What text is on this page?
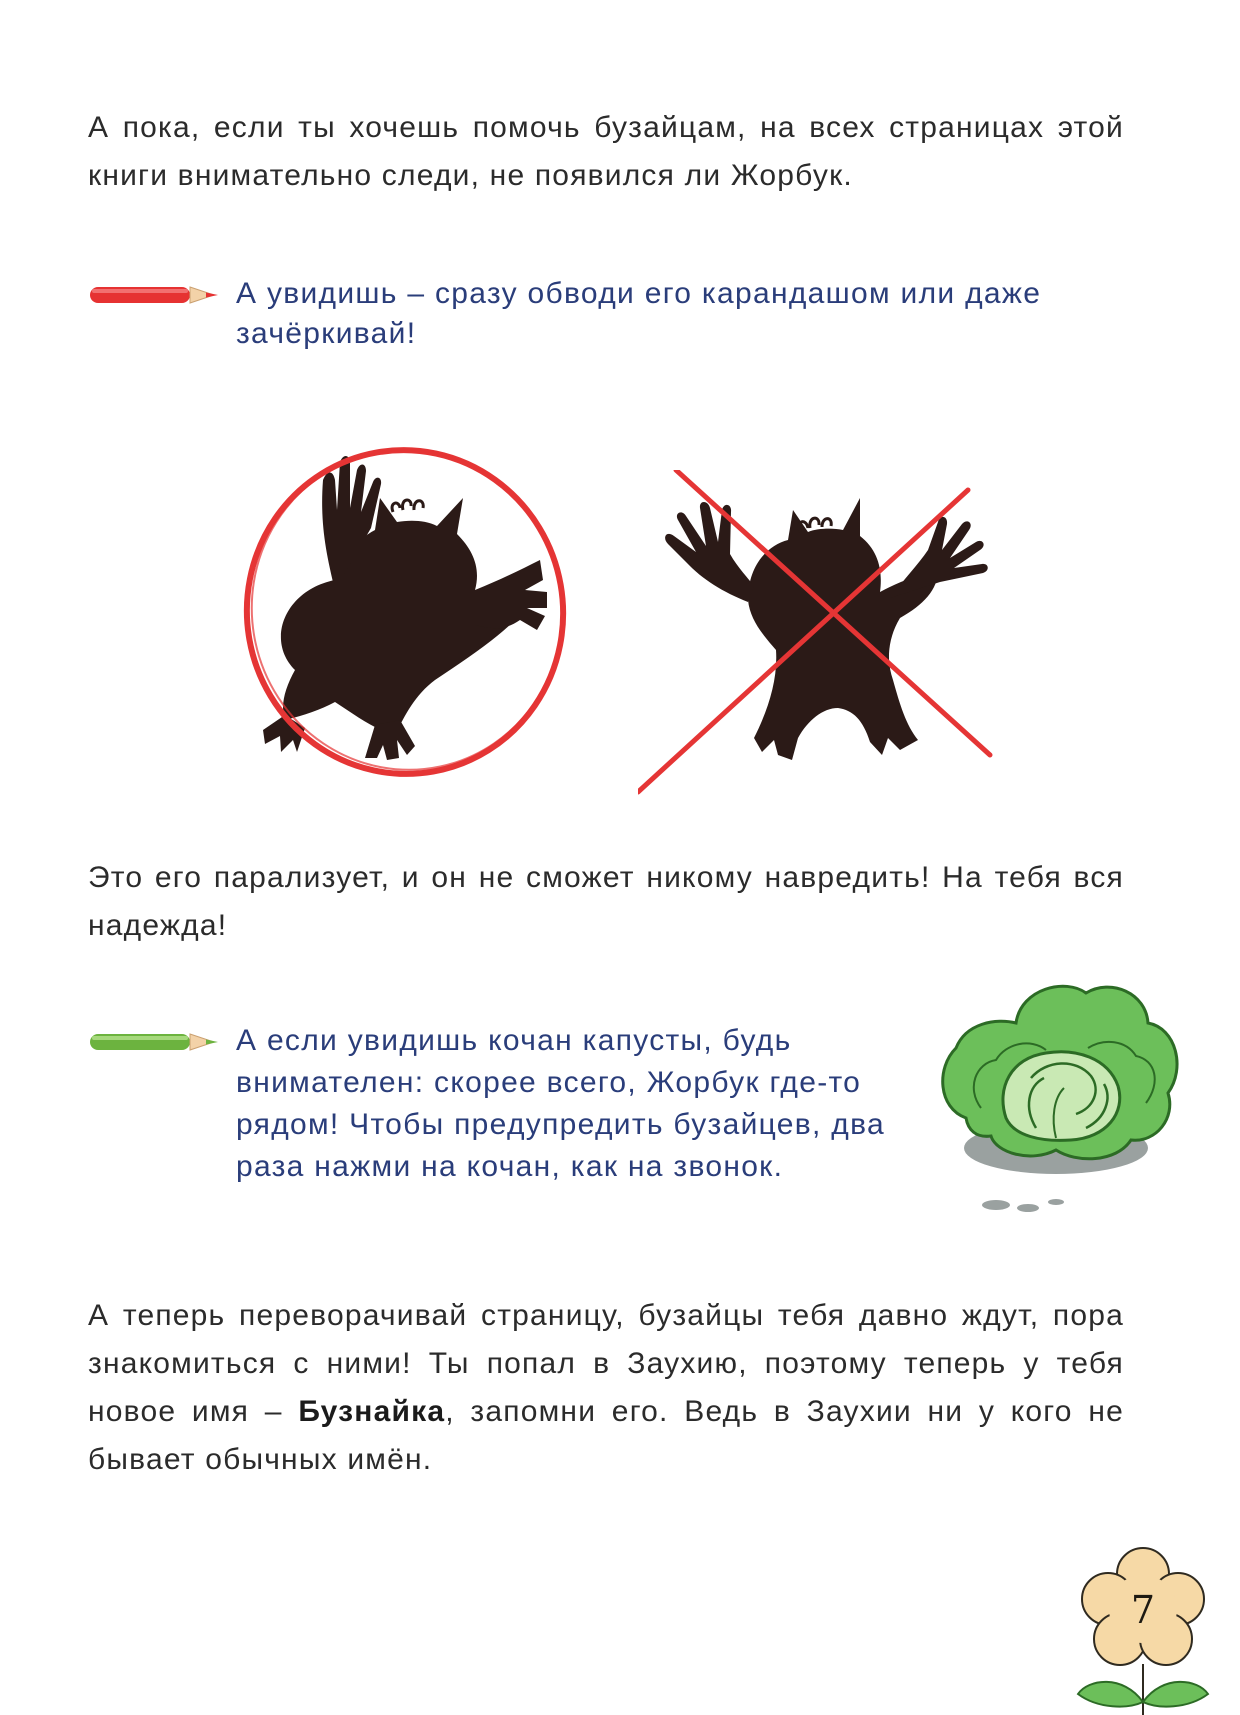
А пока, если ты хочешь помочь бузайцам, на всех страницах этой книги внимательно следи, не появился ли Жорбук.

А увидишь – сразу обводи его карандашом или даже зачёркивай!

Это его парализует, и он не сможет никому навредить! На тебя вся надежда!

А если увидишь кочан капусты, будь внимателен: скорее всего, Жорбук где-то рядом! Чтобы предупредить бузайцев, два раза нажми на кочан, как на звонок.

А теперь переворачивай страницу, бузайцы тебя давно ждут, пора знакомиться с ними! Ты попал в Заухию, поэтому теперь у тебя новое имя – Бузнайка, запомни его. Ведь в Заухии ни у кого не бывает обычных имён.

7
